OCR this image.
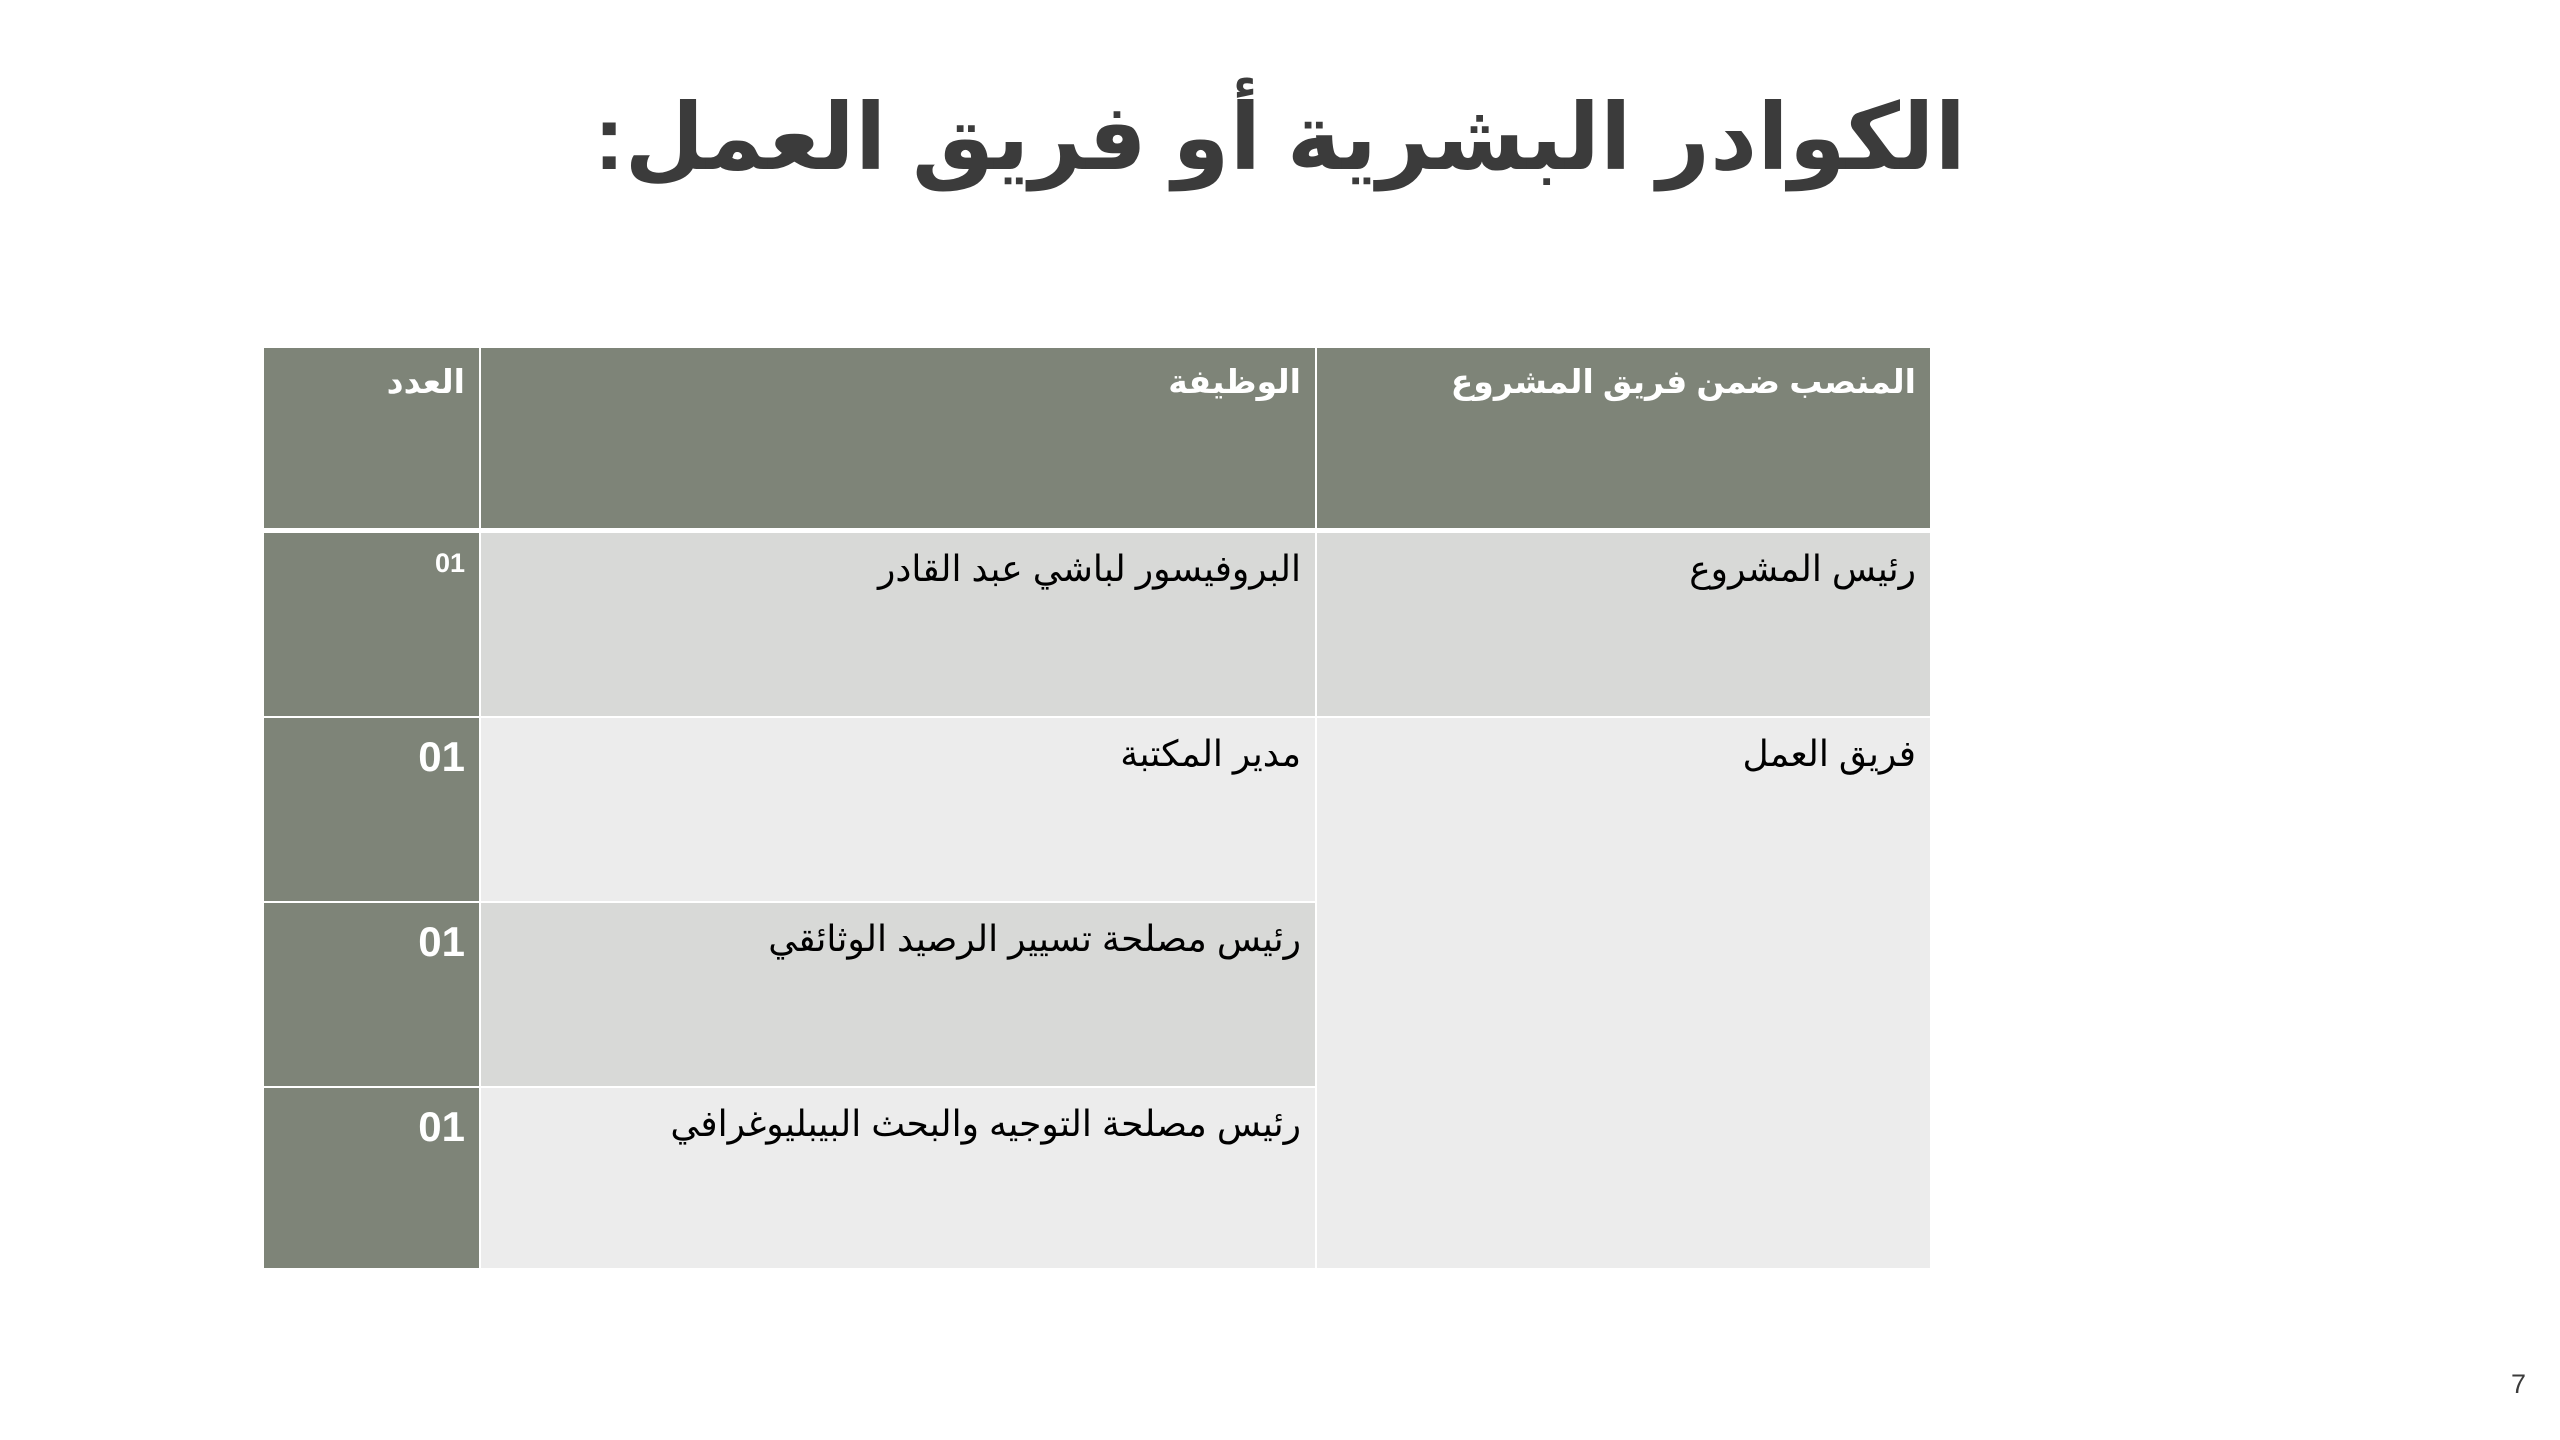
الكوادر البشرية أو فريق العمل:
المنصب ضمن فريق المشروع
الوظيفة
العدد
رئيس المشروع
البروفيسور لباشي عبد القادر
01
فريق العمل
مدير المكتبة
01
رئيس مصلحة تسيير الرصيد الوثائقي
01
رئيس مصلحة التوجيه والبحث البيبليوغرافي
01
7
